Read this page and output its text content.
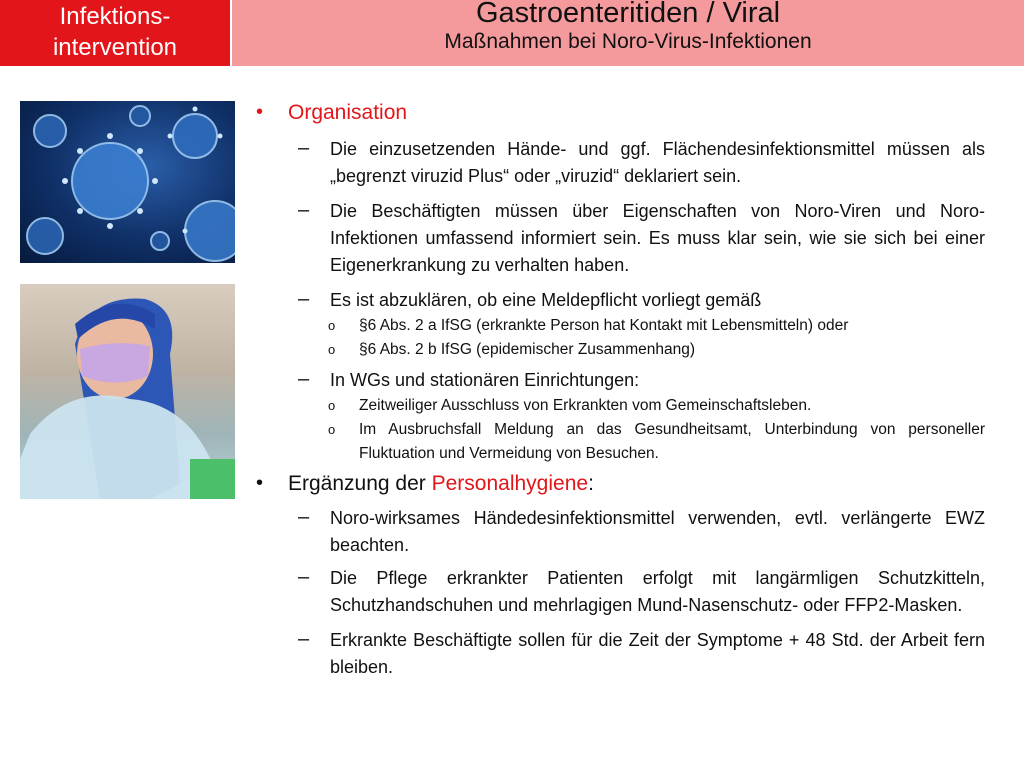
Infektions-
intervention
Gastroenteritiden / Viral
Maßnahmen bei Noro-Virus-Infektionen
• Organisation
– Die einzusetzenden Hände- und ggf. Flächendesinfektionsmittel müssen als „begrenzt viruzid Plus“ oder „viruzid“ deklariert sein.
– Die Beschäftigten müssen über Eigenschaften von Noro-Viren und Noro-Infektionen umfassend informiert sein. Es muss klar sein, wie sie sich bei einer Eigenerkrankung zu verhalten haben.
– Es ist abzuklären, ob eine Meldepflicht vorliegt gemäß
o §6 Abs. 2 a IfSG (erkrankte Person hat Kontakt mit Lebensmitteln) oder
o §6 Abs. 2 b IfSG (epidemischer Zusammenhang)
– In WGs und stationären Einrichtungen:
o Zeitweiliger Ausschluss von Erkrankten vom Gemeinschaftsleben.
o Im Ausbruchsfall Meldung an das Gesundheitsamt, Unterbindung von personeller Fluktuation und Vermeidung von Besuchen.
• Ergänzung der Personalhygiene:
– Noro-wirksames Händedesinfektionsmittel verwenden, evtl. verlängerte EWZ beachten.
– Die Pflege erkrankter Patienten erfolgt mit langärmligen Schutzkitteln, Schutzhandschuhen und mehrlagigen Mund-Nasenschutz- oder FFP2-Masken.
– Erkrankte Beschäftigte sollen für die Zeit der Symptome + 48 Std. der Arbeit fern bleiben.
